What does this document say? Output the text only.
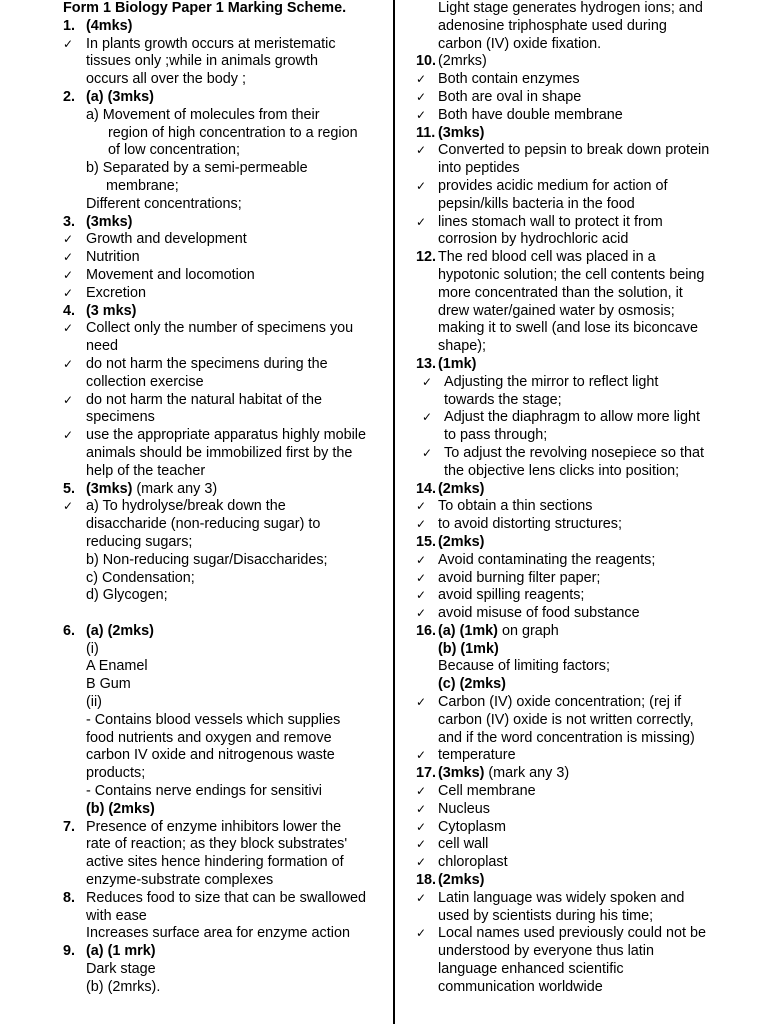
Form 1 Biology Paper 1 Marking Scheme.
1. (4mks)
✓ In plants growth occurs at meristematic
tissues only ;while in animals growth
occurs all over the body ;
2. (a) (3mks)
a) Movement of molecules from their
region of high concentration to a region
of low concentration;
b) Separated by a semi-permeable
membrane;
Different concentrations;
3. (3mks)
✓ Growth and development
✓ Nutrition
✓ Movement and locomotion
✓ Excretion
4. (3 mks)
✓ Collect only the number of specimens you
need
✓ do not harm the specimens during the
collection exercise
✓ do not harm the natural habitat of the
specimens
✓ use the appropriate apparatus highly mobile
animals should be immobilized first by the
help of the teacher
5. (3mks) (mark any 3)
✓ a) To hydrolyse/break down the
disaccharide (non-reducing sugar) to
reducing sugars;
b) Non-reducing sugar/Disaccharides;
c) Condensation;
d) Glycogen;
6. (a) (2mks)
(i)
A Enamel
B Gum
(ii)
- Contains blood vessels which supplies
food nutrients and oxygen and remove
carbon IV oxide and nitrogenous waste
products;
- Contains nerve endings for sensitivi
(b) (2mks)
7. Presence of enzyme inhibitors lower the
rate of reaction; as they block substrates'
active sites hence hindering formation of
enzyme-substrate complexes
8. Reduces food to size that can be swallowed
with ease
Increases surface area for enzyme action
9. (a) (1 mrk)
Dark stage
(b) (2mrks).
Light stage generates hydrogen ions; and
adenosine triphosphate used during
carbon (IV) oxide fixation.
10. (2mrks)
✓ Both contain enzymes
✓ Both are oval in shape
✓ Both have double membrane
11. (3mks)
✓ Converted to pepsin to break down protein
into peptides
✓ provides acidic medium for action of
pepsin/kills bacteria in the food
✓ lines stomach wall to protect it from
corrosion by hydrochloric acid
12. The red blood cell was placed in a
hypotonic solution; the cell contents being
more concentrated than the solution, it
drew water/gained water by osmosis;
making it to swell (and lose its biconcave
shape);
13. (1mk)
✓ Adjusting the mirror to reflect light
towards the stage;
✓ Adjust the diaphragm to allow more light
to pass through;
✓ To adjust the revolving nosepiece so that
the objective lens clicks into position;
14. (2mks)
✓ To obtain a thin sections
✓ to avoid distorting structures;
15. (2mks)
✓ Avoid contaminating the reagents;
✓ avoid burning filter paper;
✓ avoid spilling reagents;
✓ avoid misuse of food substance
16. (a) (1mk) on graph
(b) (1mk)
Because of limiting factors;
(c) (2mks)
✓ Carbon (IV) oxide concentration; (rej if
carbon (IV) oxide is not written correctly,
and if the word concentration is missing)
✓ temperature
17. (3mks) (mark any 3)
✓ Cell membrane
✓ Nucleus
✓ Cytoplasm
✓ cell wall
✓ chloroplast
18. (2mks)
✓ Latin language was widely spoken and
used by scientists during his time;
✓ Local names used previously could not be
understood by everyone thus latin
language enhanced scientific
communication worldwide
